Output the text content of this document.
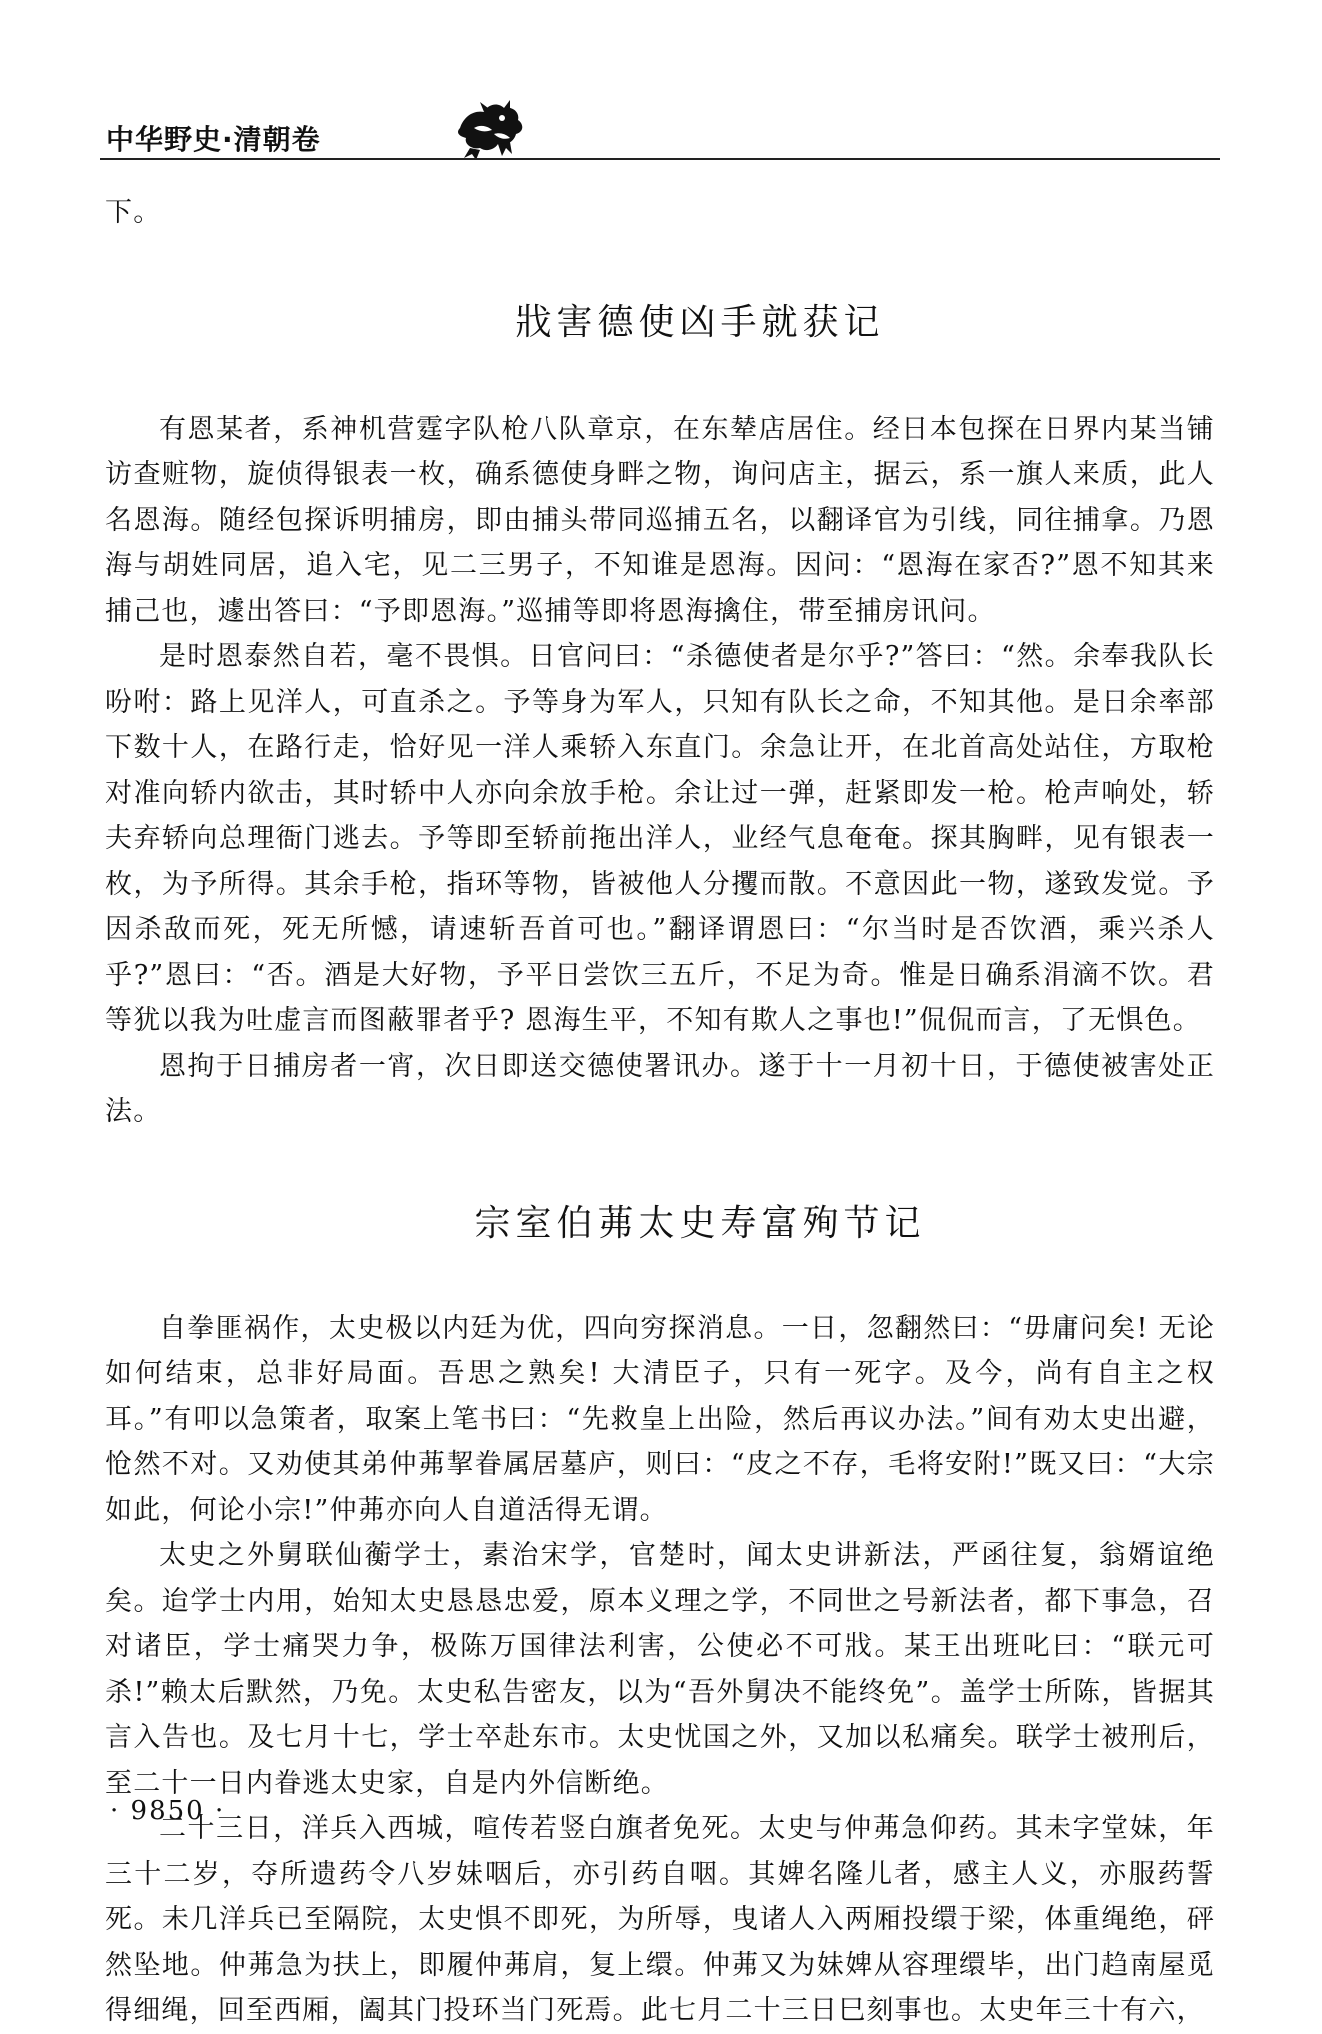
中华野史·清朝卷

下。

戕害德使凶手就获记

有恩某者，系神机营霆字队枪八队章京，在东辇店居住。经日本包探在日界内某当铺访查赃物，旋侦得银表一枚，确系德使身畔之物，询问店主，据云，系一旗人来质，此人名恩海。随经包探诉明捕房，即由捕头带同巡捕五名，以翻译官为引线，同往捕拿。乃恩海与胡姓同居，追入宅，见二三男子，不知谁是恩海。因问：“恩海在家否?”恩不知其来捕己也，遽出答曰：“予即恩海。”巡捕等即将恩海擒住，带至捕房讯问。

是时恩泰然自若，毫不畏惧。日官问曰：“杀德使者是尔乎?”答曰：“然。余奉我队长吩咐：路上见洋人，可直杀之。予等身为军人，只知有队长之命，不知其他。是日余率部下数十人，在路行走，恰好见一洋人乘轿入东直门。余急让开，在北首高处站住，方取枪对准向轿内欲击，其时轿中人亦向余放手枪。余让过一弹，赶紧即发一枪。枪声响处，轿夫弃轿向总理衙门逃去。予等即至轿前拖出洋人，业经气息奄奄。探其胸畔，见有银表一枚，为予所得。其余手枪，指环等物，皆被他人分攫而散。不意因此一物，遂致发觉。予因杀敌而死，死无所憾，请速斩吾首可也。”翻译谓恩曰：“尔当时是否饮酒，乘兴杀人乎?”恩曰：“否。酒是大好物，予平日尝饮三五斤，不足为奇。惟是日确系涓滴不饮。君等犹以我为吐虚言而图蔽罪者乎? 恩海生平，不知有欺人之事也!”侃侃而言，了无惧色。

恩拘于日捕房者一宵，次日即送交德使署讯办。遂于十一月初十日，于德使被害处正法。

宗室伯茀太史寿富殉节记

自拳匪祸作，太史极以内廷为优，四向穷探消息。一日，忽翻然曰：“毋庸问矣! 无论如何结束，总非好局面。吾思之熟矣! 大清臣子，只有一死字。及今，尚有自主之权耳。”有叩以急策者，取案上笔书曰：“先救皇上出险，然后再议办法。”间有劝太史出避，怆然不对。又劝使其弟仲茀挈眷属居墓庐，则曰：“皮之不存，毛将安附!”既又曰：“大宗如此，何论小宗!”仲茀亦向人自道活得无谓。

太史之外舅联仙蘅学士，素治宋学，官楚时，闻太史讲新法，严函往复，翁婿谊绝矣。迨学士内用，始知太史恳恳忠爱，原本义理之学，不同世之号新法者，都下事急，召对诸臣，学士痛哭力争，极陈万国律法利害，公使必不可戕。某王出班叱曰：“联元可杀!”赖太后默然，乃免。太史私告密友，以为“吾外舅决不能终免”。盖学士所陈，皆据其言入告也。及七月十七，学士卒赴东市。太史忧国之外，又加以私痛矣。联学士被刑后，至二十一日内眷逃太史家，自是内外信断绝。

二十三日，洋兵入西城，喧传若竖白旗者免死。太史与仲茀急仰药。其未字堂妹，年三十二岁，夺所遗药令八岁妹咽后，亦引药自咽。其婢名隆儿者，感主人义，亦服药誓死。未几洋兵已至隔院，太史惧不即死，为所辱，曳诸人入两厢投缳于梁，体重绳绝，砰然坠地。仲茀急为扶上，即履仲茀肩，复上缳。仲茀又为妹婢从容理缳毕，出门趋南屋觅得细绳，回至西厢，阖其门投环当门死焉。此七月二十三日巳刻事也。太史年三十有六，

· 9850 ·
